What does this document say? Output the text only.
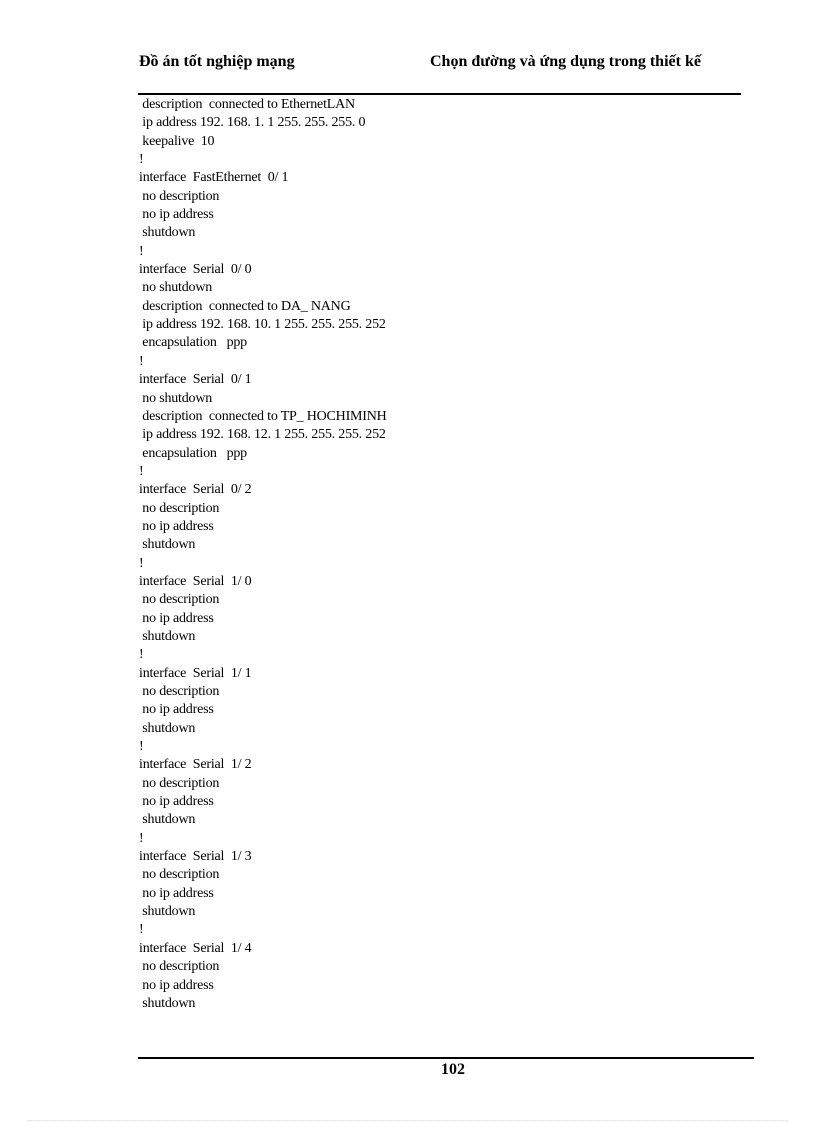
Đồ án tốt nghiệp mạng	Chọn đường và ứng dụng trong thiết kế
description  connected to EthernetLAN
ip address 192. 168. 1. 1 255. 255. 255. 0
keepalive  10
!
interface  FastEthernet  0/ 1
no description
no ip address
shutdown
!
interface  Serial  0/ 0
no shutdown
description  connected to DA_ NANG
ip address 192. 168. 10. 1 255. 255. 255. 252
encapsulation   ppp
!
interface  Serial  0/ 1
no shutdown
description  connected to TP_ HOCHIMINH
ip address 192. 168. 12. 1 255. 255. 255. 252
encapsulation   ppp
!
interface  Serial  0/ 2
no description
no ip address
shutdown
!
interface  Serial  1/ 0
no description
no ip address
shutdown
!
interface  Serial  1/ 1
no description
no ip address
shutdown
!
interface  Serial  1/ 2
no description
no ip address
shutdown
!
interface  Serial  1/ 3
no description
no ip address
shutdown
!
interface  Serial  1/ 4
no description
no ip address
shutdown
102
